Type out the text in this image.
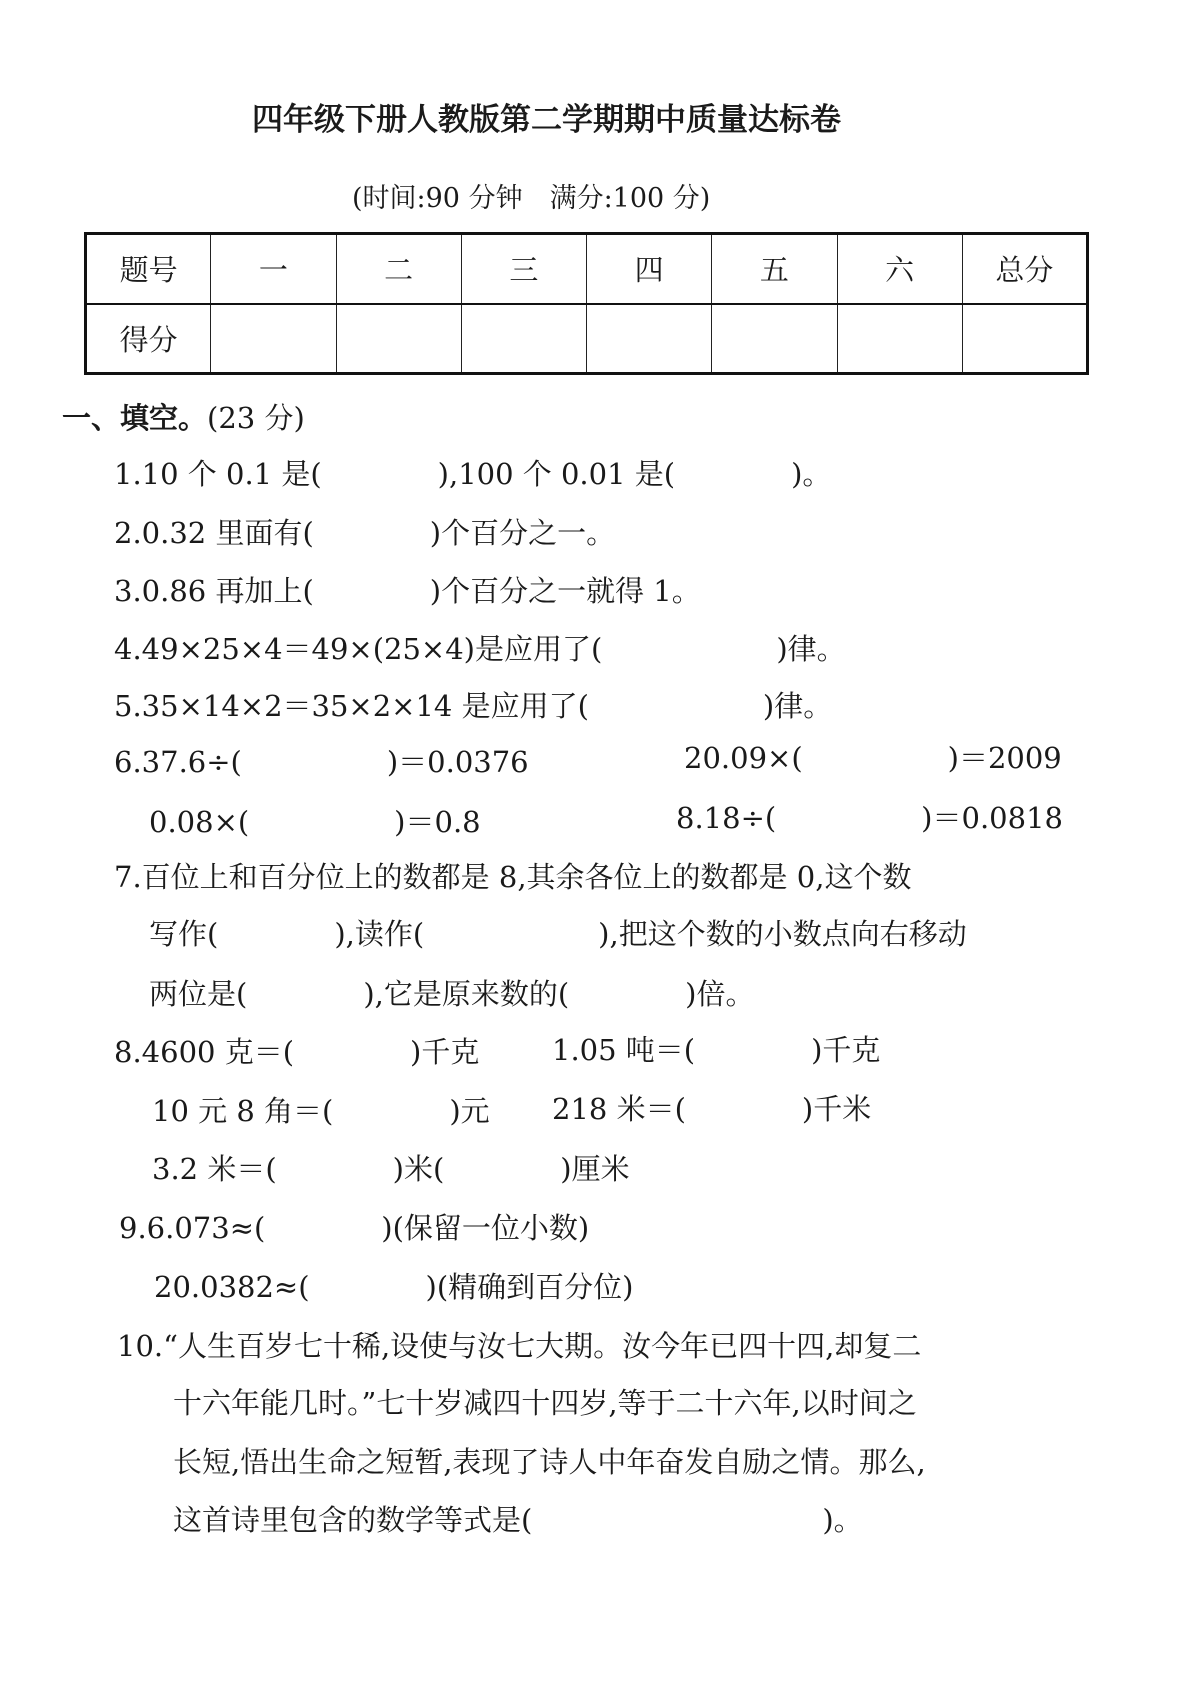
四年级下册人教版第二学期期中质量达标卷
(时间:90 分钟　满分:100 分)
题号	一	二	三	四	五	六	总分
得分							
一、填空。(23 分)
1.10 个 0.1 是(　　　　),100 个 0.01 是(　　　　)。
2.0.32 里面有(　　　　)个百分之一。
3.0.86 再加上(　　　　)个百分之一就得 1。
4.49×25×4＝49×(25×4)是应用了(　　　　　　)律。
5.35×14×2＝35×2×14 是应用了(　　　　　　)律。
6.37.6÷(　　　　　)＝0.0376	20.09×(　　　　　)＝2009
0.08×(　　　　　)＝0.8	8.18÷(　　　　　)＝0.0818
7.百位上和百分位上的数都是 8,其余各位上的数都是 0,这个数
写作(　　　　),读作(　　　　　　),把这个数的小数点向右移动
两位是(　　　　),它是原来数的(　　　　)倍。
8.4600 克＝(　　　　)千克	1.05 吨＝(　　　　)千克
10 元 8 角＝(　　　　)元 218 米＝(　　　　)千米
3.2 米＝(　　　　)米(　　　　)厘米
9.6.073≈(　　　　)(保留一位小数)
20.0382≈(　　　　)(精确到百分位)
10.“人生百岁七十稀,设使与汝七大期。汝今年已四十四,却复二
十六年能几时。”七十岁减四十四岁,等于二十六年,以时间之
长短,悟出生命之短暂,表现了诗人中年奋发自励之情。那么,
这首诗里包含的数学等式是(　　　　　　　　　　)。
